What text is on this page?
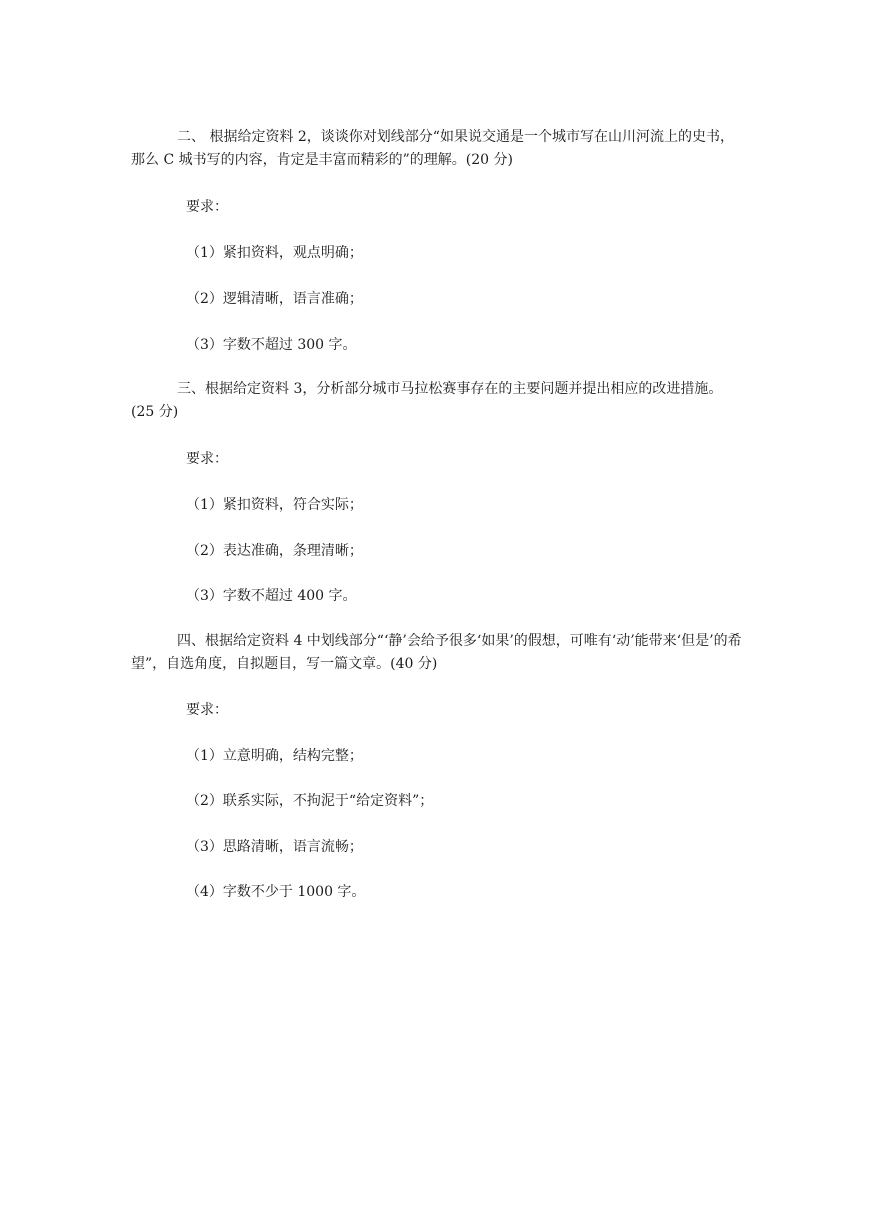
二、 根据给定资料 2，谈谈你对划线部分“如果说交通是一个城市写在山川河流上的史书，那么 C 城书写的内容，肯定是丰富而精彩的”的理解。(20 分)

要求：

（1）紧扣资料，观点明确；

（2）逻辑清晰，语言准确；

（3）字数不超过 300 字。

三、根据给定资料 3，分析部分城市马拉松赛事存在的主要问题并提出相应的改进措施。(25 分)

要求：

（1）紧扣资料，符合实际；

（2）表达准确，条理清晰；

（3）字数不超过 400 字。

四、根据给定资料 4 中划线部分“‘静’会给予很多‘如果’的假想，可唯有‘动’能带来‘但是’的希望”，自选角度，自拟题目，写一篇文章。(40 分)

要求：

（1）立意明确，结构完整；

（2）联系实际，不拘泥于“给定资料”；

（3）思路清晰，语言流畅；

（4）字数不少于 1000 字。
